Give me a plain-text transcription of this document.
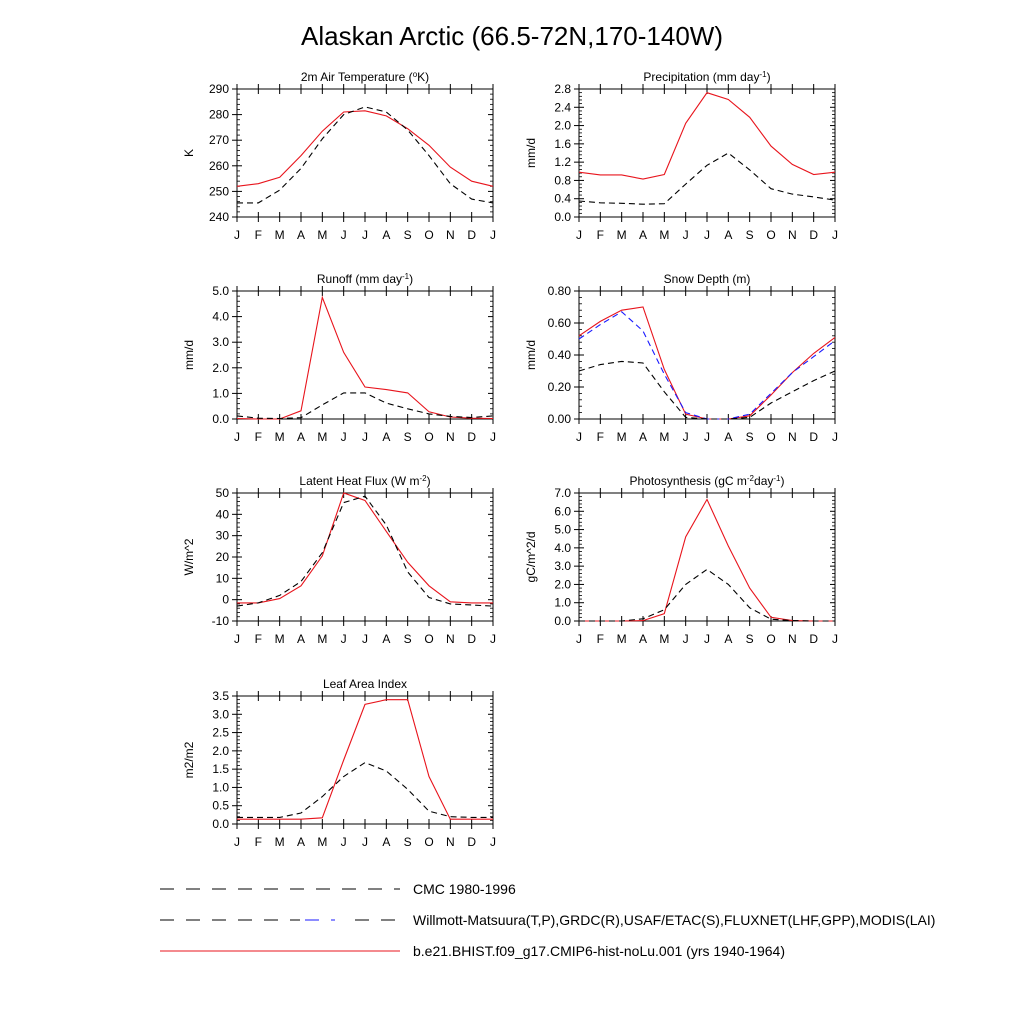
Alaskan Arctic (66.5-72N,170-140W)
2m Air Temperature ($^o$K)
K
240
250
260
270
280
290
J F M A M J J A S O N D J
Precipitation (mm day$^{-1}$)
mm/d
0.0
0.4
0.8
1.2
1.6
2.0
2.4
2.8
J F M A M J J A S O N D J
Runoff (mm day$^{-1}$)
mm/d
0.0
1.0
2.0
3.0
4.0
5.0
J F M A M J J A S O N D J
Snow Depth (m)
mm/d
0.00
0.20
0.40
0.60
0.80
J F M A M J J A S O N D J
Latent Heat Flux (W $m^{-2}$)
W/m^2
-10
0
10
20
30
40
50
J F M A M J J A S O N D J
Photosynthesis (gC $m^{-2}day^{-1}$)
gC/m^2/d
0.0
1.0
2.0
3.0
4.0
5.0
6.0
7.0
J F M A M J J A S O N D J
Leaf Area Index
m2/m2
0.0
0.5
1.0
1.5
2.0
2.5
3.0
3.5
J F M A M J J A S O N D J
CMC 1980-1996
Willmott-Matsuura(T,P),GRDC(R),USAF/ETAC(S),FLUXNET(LHF,GPP),MODIS(LAI)
b.e21.BHIST.f09_g17.CMIP6-hist-noLu.001 (yrs 1940-1964)
